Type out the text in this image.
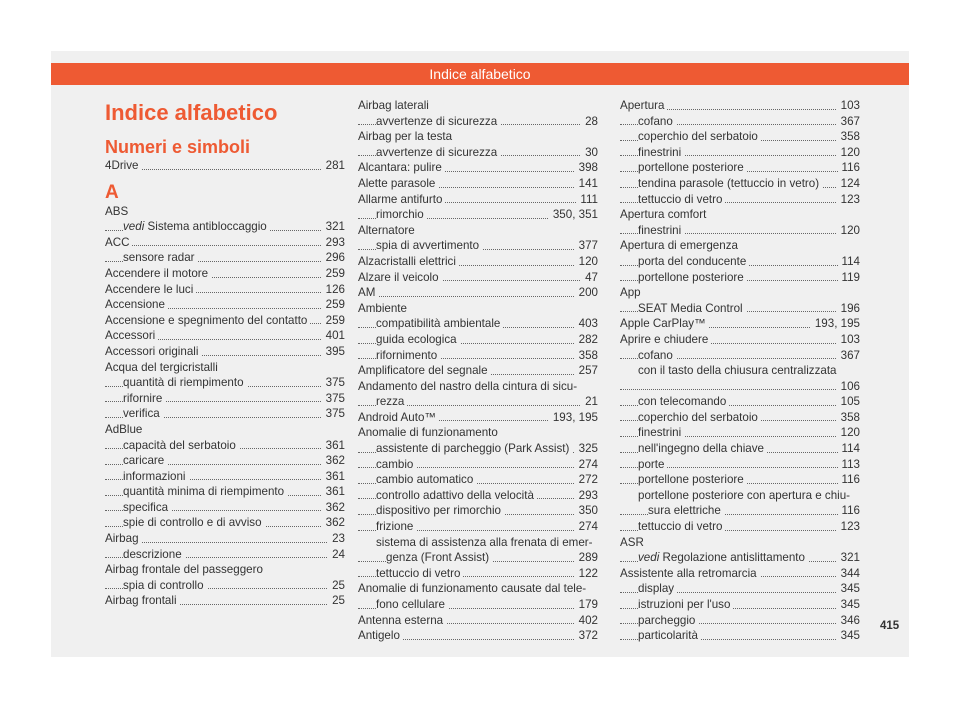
Indice alfabetico
Indice alfabetico
Numeri e simboli
4Drive	281
A
ABS
vedi Sistema antibloccaggio	321
ACC	293
sensore radar	296
Accendere il motore	259
Accendere le luci	126
Accensione	259
Accensione e spegnimento del contatto	259
Accessori	401
Accessori originali	395
Acqua del tergicristalli
quantità di riempimento	375
rifornire	375
verifica	375
AdBlue
capacità del serbatoio	361
caricare	362
informazioni	361
quantità minima di riempimento	361
specifica	362
spie di controllo e di avviso	362
Airbag	23
descrizione	24
Airbag frontale del passeggero
spia di controllo	25
Airbag frontali	25
Airbag laterali
avvertenze di sicurezza	28
Airbag per la testa
avvertenze di sicurezza	30
Alcantara: pulire	398
Alette parasole	141
Allarme antifurto	111
rimorchio	350, 351
Alternatore
spia di avvertimento	377
Alzacristalli elettrici	120
Alzare il veicolo	47
AM	200
Ambiente
compatibilità ambientale	403
guida ecologica	282
rifornimento	358
Amplificatore del segnale	257
Andamento del nastro della cintura di sicu-
rezza	21
Android Auto™	193, 195
Anomalie di funzionamento
assistente di parcheggio (Park Assist) 325
cambio	274
cambio automatico	272
controllo adattivo della velocità	293
dispositivo per rimorchio	350
frizione	274
sistema di assistenza alla frenata di emer-
genza (Front Assist)	289
tettuccio di vetro	122
Anomalie di funzionamento causate dal tele-
fono cellulare	179
Antenna esterna	402
Antigelo	372
Apertura	103
cofano	367
coperchio del serbatoio	358
finestrini	120
portellone posteriore	116
tendina parasole (tettuccio in vetro)	124
tettuccio di vetro	123
Apertura comfort
finestrini	120
Apertura di emergenza
porta del conducente	114
portellone posteriore	119
App
SEAT Media Control	196
Apple CarPlay™	193, 195
Aprire e chiudere	103
cofano	367
con il tasto della chiusura centralizzata
106
con telecomando	105
coperchio del serbatoio	358
finestrini	120
nell'ingegno della chiave	114
porte	113
portellone posteriore	116
portellone posteriore con apertura e chiu-
sura elettriche	116
tettuccio di vetro	123
ASR
vedi Regolazione antislittamento	321
Assistente alla retromarcia	344
display	345
istruzioni per l'uso	345
parcheggio	346
particolarità	345
415
